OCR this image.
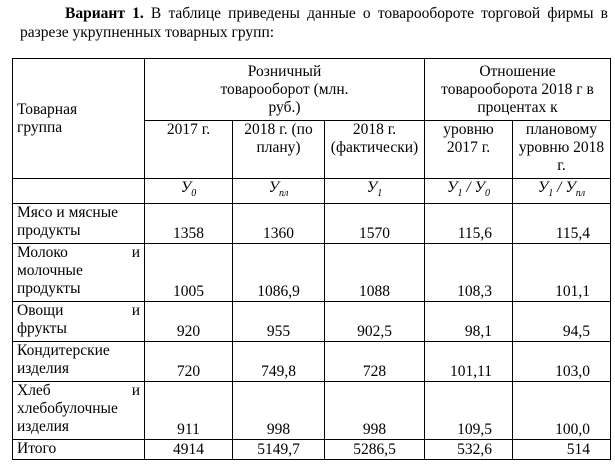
Вариант 1. В таблице приведены данные о товарообороте торговой фирмы в разрезе укрупненных товарных групп:
Товарная группа	Розничный товарооборот (млн. руб.)			Отношение товарооборота 2018 г в процентах к	

	2017 г.	2018 г. (по плану)	2018 г. (фактически)	уровню 2017 г.	плановому уровню 2018 г.
	$У_0$	$У_{пл}$	$У_1$	$У_1 / У_0$	$У_1 / У_{пл}$

Мясо и мясные
продукты	1358	1360	1570	115,6	115,4

Молоко и
молочные
продукты	1005	1086,9	1088	108,3	101,1

Овощи и
фрукты	920	955	902,5	98,1	94,5

Кондитерские
изделия	720	749,8	728	101,11	103,0

Хлеб и
хлебобулочные
изделия	911	998	998	109,5	100,0

Итого	4914	5149,7	5286,5	532,6	514
